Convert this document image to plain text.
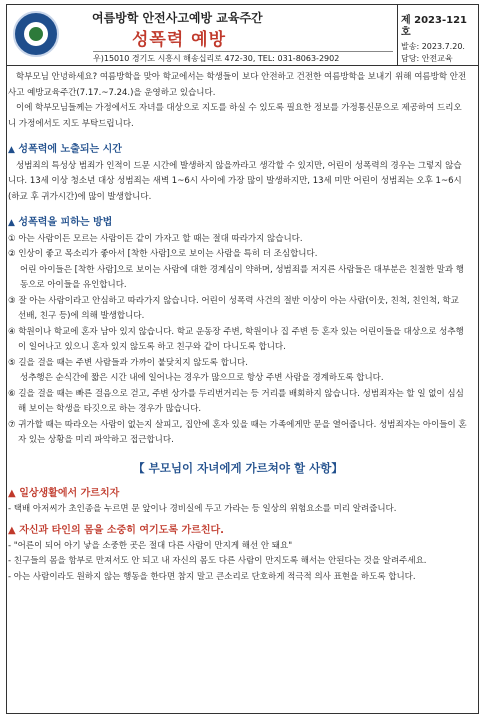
여름방학 안전사고예방 교육주간
성폭력 예방
우)15010 경기도 시흥시 해송십리로 472-30, TEL: 031-8063-2902
제 2023-121 호
발송: 2023.7.20.
담당: 안전교육

학부모님 안녕하세요? 여름방학을 맞아 학교에서는 학생들이 보다 안전하고 건전한 여름방학을 보내기 위해 여름방학 안전사고 예방교육주간(7.17.~7.24.)을 운영하고 있습니다.

이에 학부모님들께는 가정에서도 자녀를 대상으로 지도를 하실 수 있도록 필요한 정보를 가정통신문으로 제공하여 드리오니 가정에서도 지도 부탁드립니다.

▲ 성폭력에 노출되는 시간

성범죄의 특성상 범죄가 인적이 드문 시간에 발생하지 않을까라고 생각할 수 있지만, 어린이 성폭력의 경우는 그렇지 않습니다. 13세 이상 청소년 대상 성범죄는 새벽 1~6시 사이에 가장 많이 발생하지만, 13세 미만 어린이 성범죄는 오후 1~6시(하교 후 귀가시간)에 많이 발생합니다.

▲ 성폭력을 피하는 방법

① 아는 사람이든 모르는 사람이든 같이 가자고 할 때는 절대 따라가지 않습니다.

② 인상이 좋고 목소리가 좋아서 [착한 사람]으로 보이는 사람을 특히 더 조심합니다.

어린 아이들은 [착한 사람]으로 보이는 사람에 대한 경계심이 약하며, 성범죄를 저지른 사람들은 대부분은 친절한 말과 행동으로 아이들을 유인합니다.

③ 잘 아는 사람이라고 안심하고 따라가지 않습니다. 어린이 성폭력 사건의 절반 이상이 아는 사람(이웃, 친척, 친인척, 학교 선배, 친구 등)에 의해 발생합니다.

④ 학원이나 학교에 혼자 남아 있지 않습니다. 학교 운동장 주변, 학원이나 집 주변 등 혼자 있는 어린이들을 대상으로 성추행이 일어나고 있으니 혼자 있지 않도록 하고 친구와 같이 다니도록 합니다.

⑤ 길을 걸을 때는 주변 사람들과 가까이 붙닺치지 않도록 합니다.

성추행은 순식간에 짧은 시간 내에 일어나는 경우가 많으므로 항상 주변 사람을 경계하도록 합니다.

⑥ 길을 걸을 때는 빠른 걸음으로 걷고, 주변 상가를 두리번거리는 등 거리를 배회하지 않습니다. 성범죄자는 할 일 없이 심심해 보이는 학생을 타깃으로 하는 경우가 많습니다.

⑦ 귀가할 때는 따라오는 사람이 없는지 살피고, 집안에 혼자 있을 때는 가족에게만 문을 열어줍니다. 성범죄자는 아이들이 혼자 있는 상황을 미리 파악하고 접근합니다.

【 부모님이 자녀에게 가르쳐야 할 사항】
▲ 일상생활에서 가르치자

- 택배 아저씨가 초인종을 누르면 문 앞이나 경비실에 두고 가라는 등 일상의 위험요소를 미리 알려줍니다.

▲ 자신과 타인의 몸을 소중히 여기도록 가르친다.

- "어른이 되어 아기 낳을 소중한 곳은 절대 다른 사람이 만지게 해선 안 돼요"

- 친구들의 몸을 함부로 만져서도 안 되고 내 자신의 몸도 다른 사람이 만지도록 해서는 안된다는 것을 알려주세요.

- 아는 사람이라도 원하지 않는 행동을 한다면 참지 말고 큰소리로 단호하게 적극적 의사 표현을 하도록 합니다.
